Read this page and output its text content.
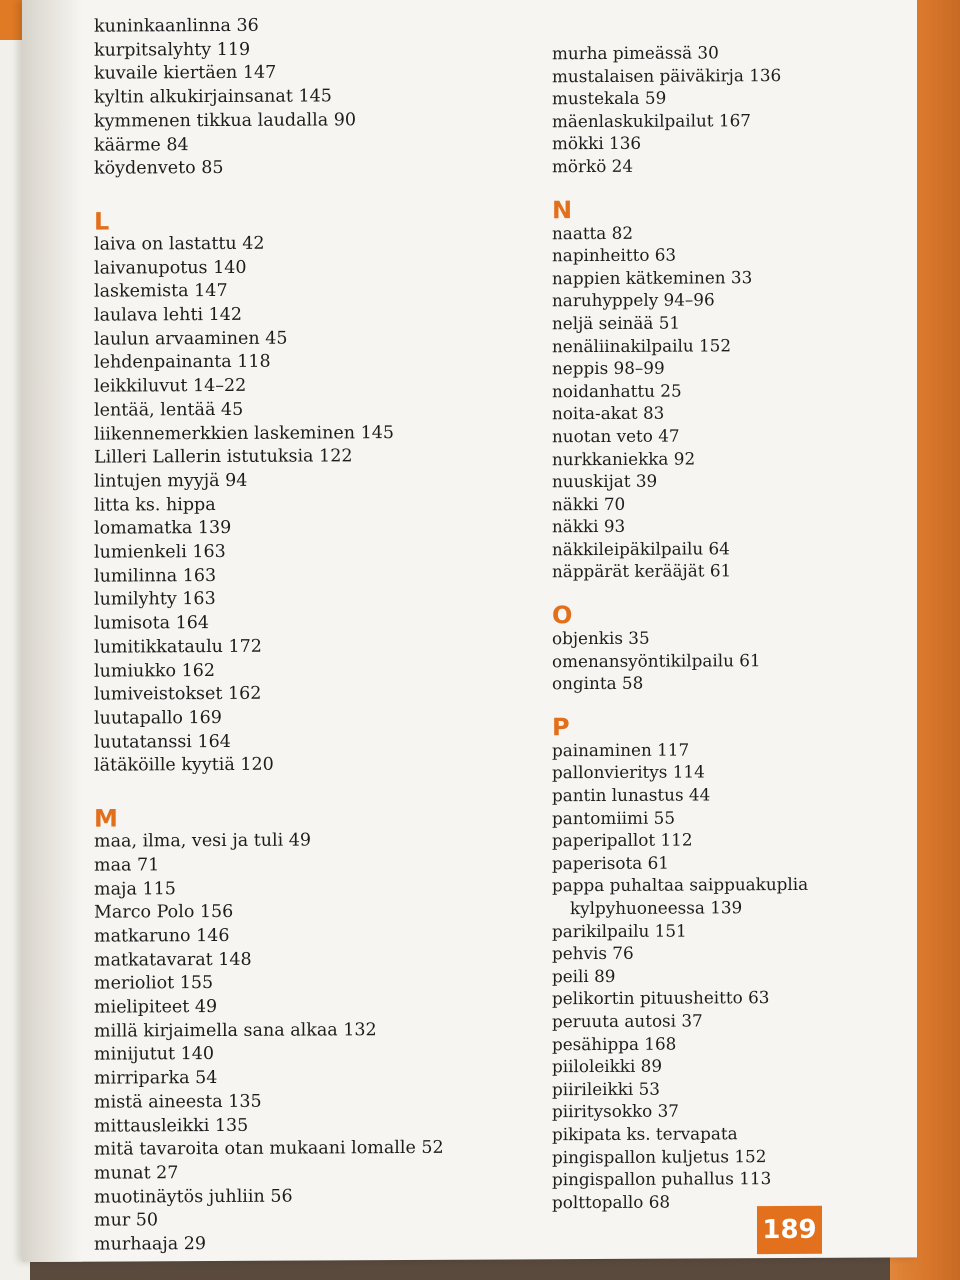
kuninkaanlinna 36
kurpitsalyhty 119
kuvaile kiertäen 147
kyltin alkukirjainsanat 145
kymmenen tikkua laudalla 90
käärme 84
köydenveto 85
L
laiva on lastattu 42
laivanupotus 140
laskemista 147
laulava lehti 142
laulun arvaaminen 45
lehdenpainanta 118
leikkiluvut 14–22
lentää, lentää 45
liikennemerkkien laskeminen 145
Lilleri Lallerin istutuksia 122
lintujen myyjä 94
litta ks. hippa
lomamatka 139
lumienkeli 163
lumilinna 163
lumilyhty 163
lumisota 164
lumitikkataulu 172
lumiukko 162
lumiveistokset 162
luutapallo 169
luutatanssi 164
lätäköille kyytiä 120
M
maa, ilma, vesi ja tuli 49
maa 71
maja 115
Marco Polo 156
matkaruno 146
matkatavarat 148
merioliot 155
mielipiteet 49
millä kirjaimella sana alkaa 132
minijutut 140
mirriparka 54
mistä aineesta 135
mittausleikki 135
mitä tavaroita otan mukaani lomalle 52
munat 27
muotinäytös juhliin 56
mur 50
murhaaja 29
murha pimeässä 30
mustalaisen päiväkirja 136
mustekala 59
mäenlaskukilpailut 167
mökki 136
mörkö 24
N
naatta 82
napinheitto 63
nappien kätkeminen 33
naruhyppely 94–96
neljä seinää 51
nenäliinakilpailu 152
neppis 98–99
noidanhattu 25
noita-akat 83
nuotan veto 47
nurkkaniekka 92
nuuskijat 39
näkki 70
näkki 93
näkkileipäkilpailu 64
näppärät kerääjät 61
O
objenkis 35
omenansyöntikilpailu 61
onginta 58
P
painaminen 117
pallonvieritys 114
pantin lunastus 44
pantomiimi 55
paperipallot 112
paperisota 61
pappa puhaltaa saippuakuplia
kylpyhuoneessa 139
parikilpailu 151
pehvis 76
peili 89
pelikortin pituusheitto 63
peruuta autosi 37
pesähippa 168
piiloleikki 89
piirileikki 53
piiritysokko 37
pikipata ks. tervapata
pingispallon kuljetus 152
pingispallon puhallus 113
polttopallo 68
189
